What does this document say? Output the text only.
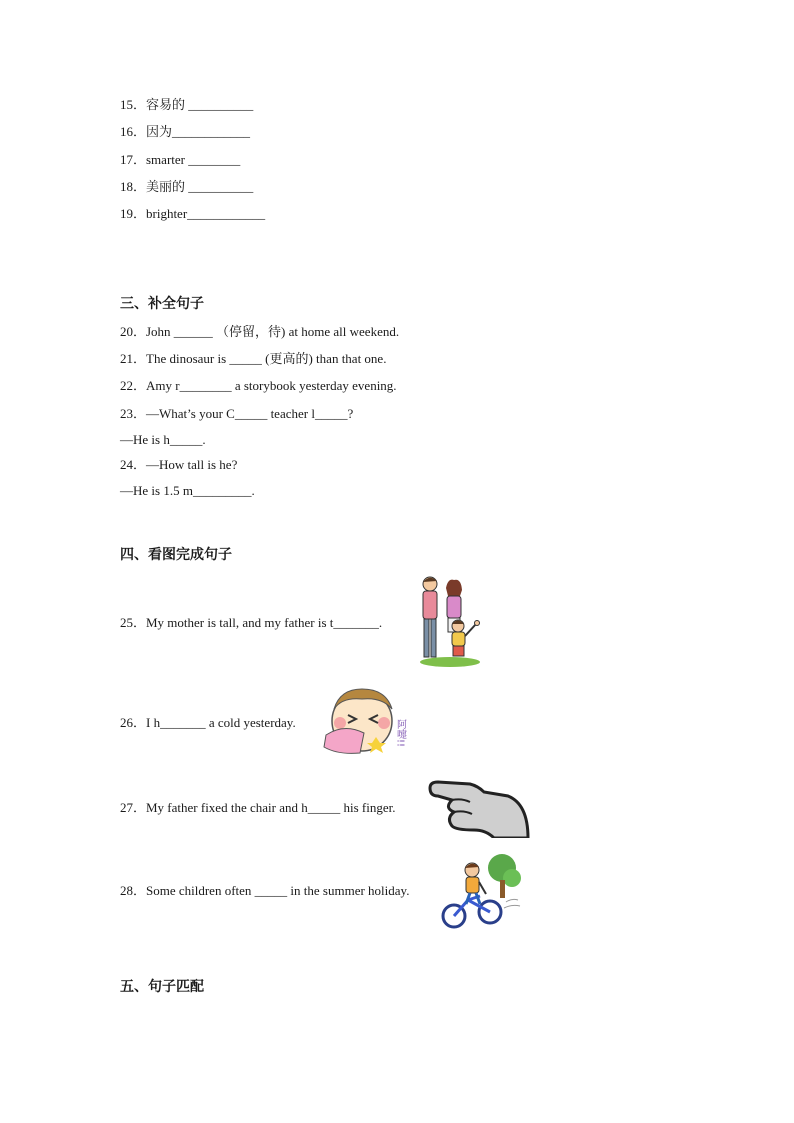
15．容易的 __________
16．因为____________
17．smarter ________
18．美丽的 __________
19．brighter____________
三、补全句子
20．John ______ （停留，待) at home all weekend.
21．The dinosaur is _____ (更高的) than that one.
22．Amy r________ a storybook yesterday evening.
23．—What’s your C_____ teacher l_____?
—He is h_____.
24．—How tall is he?
—He is 1.5 m_________.
四、看图完成句子
25．My mother is tall, and my father is t_______.
26．I h_______ a cold yesterday.	阿嚏!!
27．My father fixed the chair and h_____ his finger.
28．Some children often _____ in the summer holiday.
五、句子匹配
